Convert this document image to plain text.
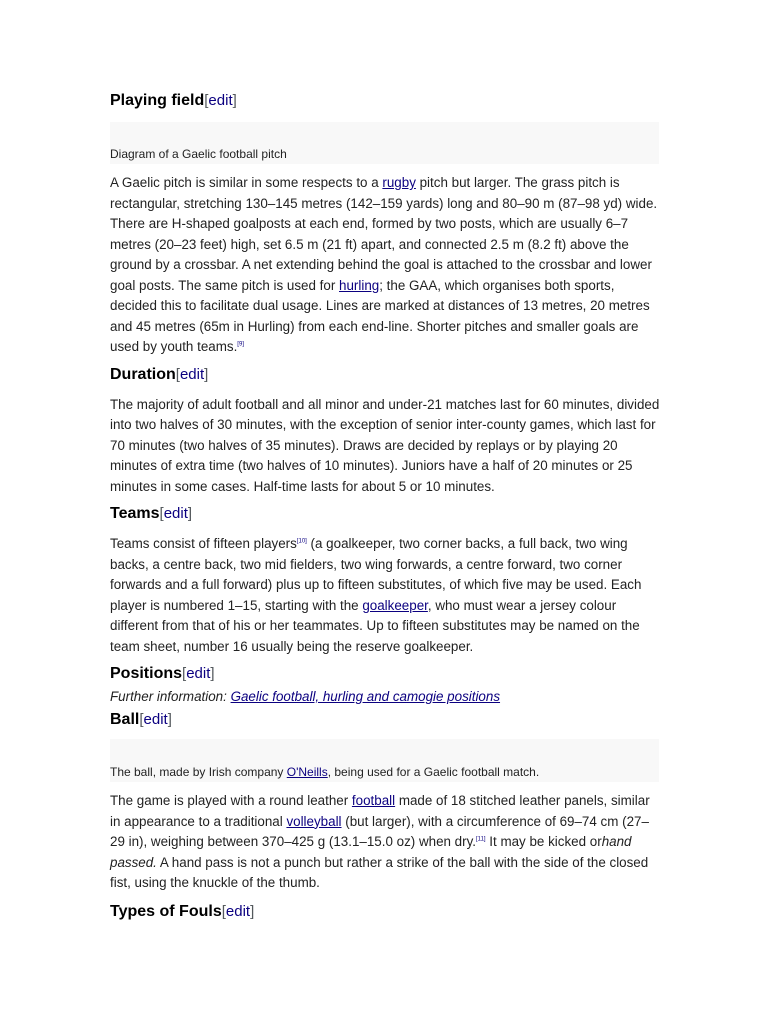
Playing field[edit]
Diagram of a Gaelic football pitch

A Gaelic pitch is similar in some respects to a rugby pitch but larger. The grass pitch is rectangular, stretching 130–145 metres (142–159 yards) long and 80–90 m (87–98 yd) wide. There are H-shaped goalposts at each end, formed by two posts, which are usually 6–7 metres (20–23 feet) high, set 6.5 m (21 ft) apart, and connected 2.5 m (8.2 ft) above the ground by a crossbar. A net extending behind the goal is attached to the crossbar and lower goal posts. The same pitch is used for hurling; the GAA, which organises both sports, decided this to facilitate dual usage. Lines are marked at distances of 13 metres, 20 metres and 45 metres (65m in Hurling) from each end-line. Shorter pitches and smaller goals are used by youth teams.[9]

Duration[edit]

The majority of adult football and all minor and under-21 matches last for 60 minutes, divided into two halves of 30 minutes, with the exception of senior inter-county games, which last for 70 minutes (two halves of 35 minutes). Draws are decided by replays or by playing 20 minutes of extra time (two halves of 10 minutes). Juniors have a half of 20 minutes or 25 minutes in some cases. Half-time lasts for about 5 or 10 minutes.

Teams[edit]

Teams consist of fifteen players[10] (a goalkeeper, two corner backs, a full back, two wing backs, a centre back, two mid fielders, two wing forwards, a centre forward, two corner forwards and a full forward) plus up to fifteen substitutes, of which five may be used. Each player is numbered 1–15, starting with the goalkeeper, who must wear a jersey colour different from that of his or her teammates. Up to fifteen substitutes may be named on the team sheet, number 16 usually being the reserve goalkeeper.

Positions[edit]

Further information: Gaelic football, hurling and camogie positions

Ball[edit]
The ball, made by Irish company O'Neills, being used for a Gaelic football match.

The game is played with a round leather football made of 18 stitched leather panels, similar in appearance to a traditional volleyball (but larger), with a circumference of 69–74 cm (27–29 in), weighing between 370–425 g (13.1–15.0 oz) when dry.[11] It may be kicked orhand passed. A hand pass is not a punch but rather a strike of the ball with the side of the closed fist, using the knuckle of the thumb.

Types of Fouls[edit]
